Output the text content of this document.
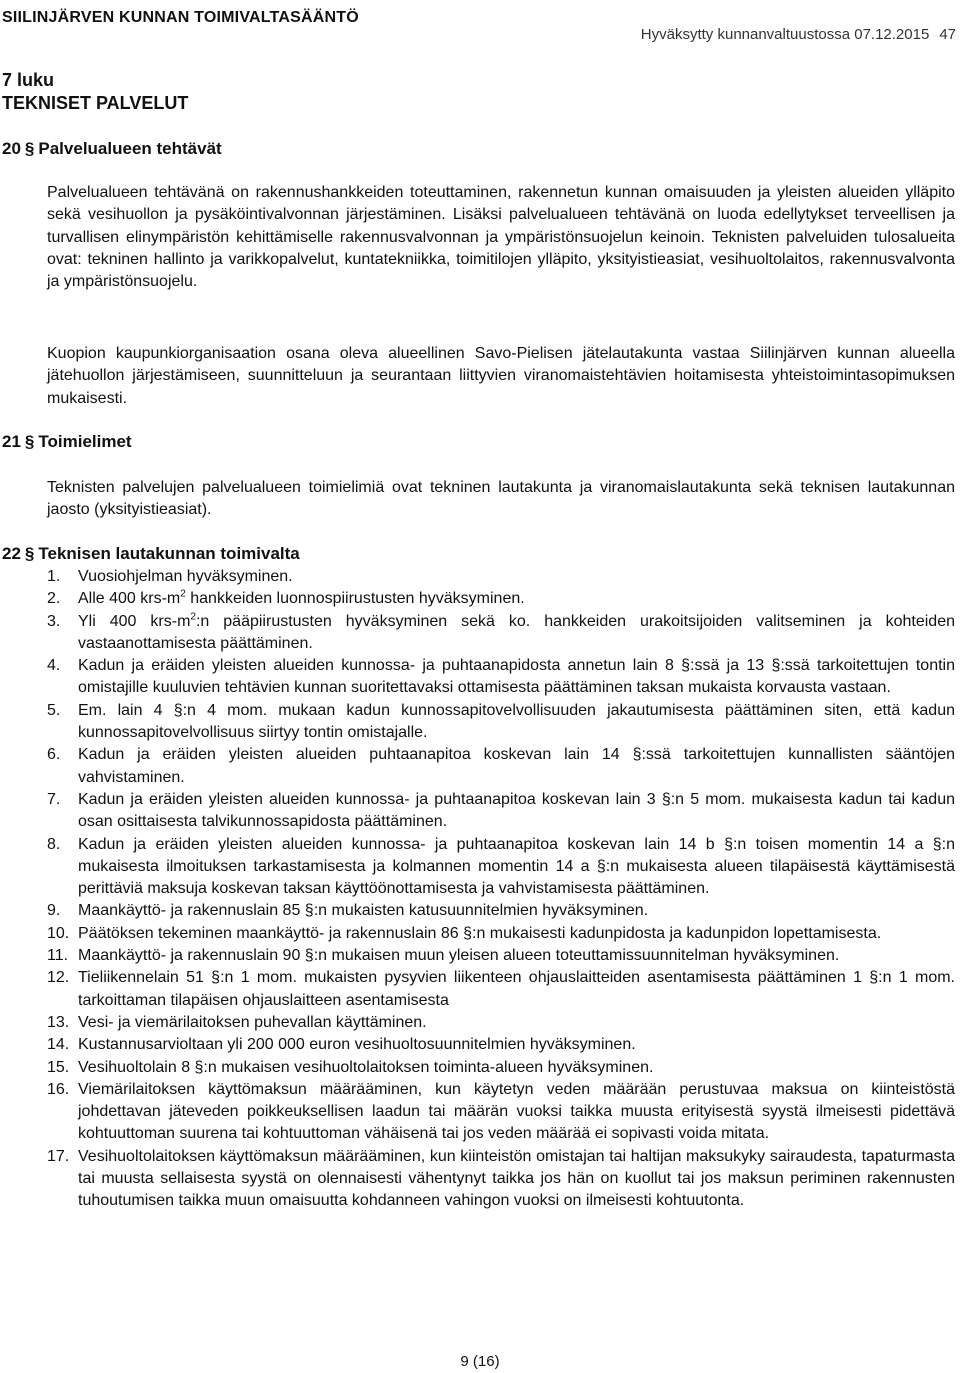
SIILINJÄRVEN KUNNAN TOIMIVALTASÄÄNTÖ
Hyväksytty kunnanvaltuustossa 07.12.2015 47
7 luku
TEKNISET PALVELUT
20 § Palvelualueen tehtävät
Palvelualueen tehtävänä on rakennushankkeiden toteuttaminen, rakennetun kunnan omaisuuden ja yleisten alueiden ylläpito sekä vesihuollon ja pysäköintivalvonnan järjestäminen. Lisäksi palvelualueen tehtävänä on luoda edellytykset terveellisen ja turvallisen elinympäristön kehittämiselle rakennusvalvonnan ja ympäristönsuojelun keinoin. Teknisten palveluiden tulosalueita ovat: tekninen hallinto ja varikkopalvelut, kuntatekniikka, toimitilojen ylläpito, yksityistieasiat, vesihuoltolaitos, rakennusvalvonta ja ympäristönsuojelu.
Kuopion kaupunkiorganisaation osana oleva alueellinen Savo-Pielisen jätelautakunta vastaa Siilinjärven kunnan alueella jätehuollon järjestämiseen, suunnitteluun ja seurantaan liittyvien viranomaistehtävien hoitamisesta yhteistoimintasopimuksen mukaisesti.
21 § Toimielimet
Teknisten palvelujen palvelualueen toimielimiä ovat tekninen lautakunta ja viranomaislautakunta sekä teknisen lautakunnan jaosto (yksityistieasiat).
22 § Teknisen lautakunnan toimivalta
1.	Vuosiohjelman hyväksyminen.
2.	Alle 400 krs-$m^2$ hankkeiden luonnospiirustusten hyväksyminen.
3.	Yli 400 krs-$m^2:n$ pääpiirustusten hyväksyminen sekä ko. hankkeiden urakoitsijoiden valitseminen ja kohteiden vastaanottamisesta päättäminen.
4.	Kadun ja eräiden yleisten alueiden kunnossa- ja puhtaanapidosta annetun lain 8 §:ssä ja 13 §:ssä tarkoitettujen tontin omistajille kuuluvien tehtävien kunnan suoritettavaksi ottamisesta päättäminen taksan mukaista korvausta vastaan.
5.	Em. lain 4 §:n 4 mom. mukaan kadun kunnossapitovelvollisuuden jakautumisesta päättäminen siten, että kadun kunnossapitovelvollisuus siirtyy tontin omistajalle.
6.	Kadun ja eräiden yleisten alueiden puhtaanapitoa koskevan lain 14 §:ssä tarkoitettujen kunnallisten sääntöjen vahvistaminen.
7.	Kadun ja eräiden yleisten alueiden kunnossa- ja puhtaanapitoa koskevan lain 3 §:n 5 mom. mukaisesta kadun tai kadun osan osittaisesta talvikunnossapidosta päättäminen.
8.	Kadun ja eräiden yleisten alueiden kunnossa- ja puhtaanapitoa koskevan lain 14 b §:n toisen momentin 14 a §:n mukaisesta ilmoituksen tarkastamisesta ja kolmannen momentin 14 a §:n mukaisesta alueen tilapäisestä käyttämisestä perittäviä maksuja koskevan taksan käyttöönottamisesta ja vahvistamisesta päättäminen.
9.	Maankäyttö- ja rakennuslain 85 §:n mukaisten katusuunnitelmien hyväksyminen.
10. Päätöksen tekeminen maankäyttö- ja rakennuslain 86 §:n mukaisesti kadunpidosta ja kadunpidon lopettamisesta.
11. Maankäyttö- ja rakennuslain 90 §:n mukaisen muun yleisen alueen toteuttamissuunnitelman hyväksyminen.
12. Tieliikennelain 51 §:n 1 mom. mukaisten pysyvien liikenteen ohjauslaitteiden asentamisesta päättäminen 1 §:n 1 mom. tarkoittaman tilapäisen ohjauslaitteen asentamisesta
13. Vesi- ja viemärilaitoksen puhevallan käyttäminen.
14. Kustannusarvioltaan yli 200 000 euron vesihuoltosuunnitelmien hyväksyminen.
15. Vesihuoltolain 8 §:n mukaisen vesihuoltolaitoksen toiminta-alueen hyväksyminen.
16. Viemärilaitoksen käyttömaksun määrääminen, kun käytetyn veden määrään perustuvaa maksua on kiinteistöstä johdettavan jäteveden poikkeuksellisen laadun tai määrän vuoksi taikka muusta erityisestä syystä ilmeisesti pidettävä kohtuuttoman suurena tai kohtuuttoman vähäisenä tai jos veden määrää ei sopivasti voida mitata.
17. Vesihuoltolaitoksen käyttömaksun määrääminen, kun kiinteistön omistajan tai haltijan maksukyky sairaudesta, tapaturmasta tai muusta sellaisesta syystä on olennaisesti vähentynyt taikka jos hän on kuollut tai jos maksun periminen rakennusten tuhoutumisen taikka muun omaisuutta kohdanneen vahingon vuoksi on ilmeisesti kohtuutonta.
9 (16)
